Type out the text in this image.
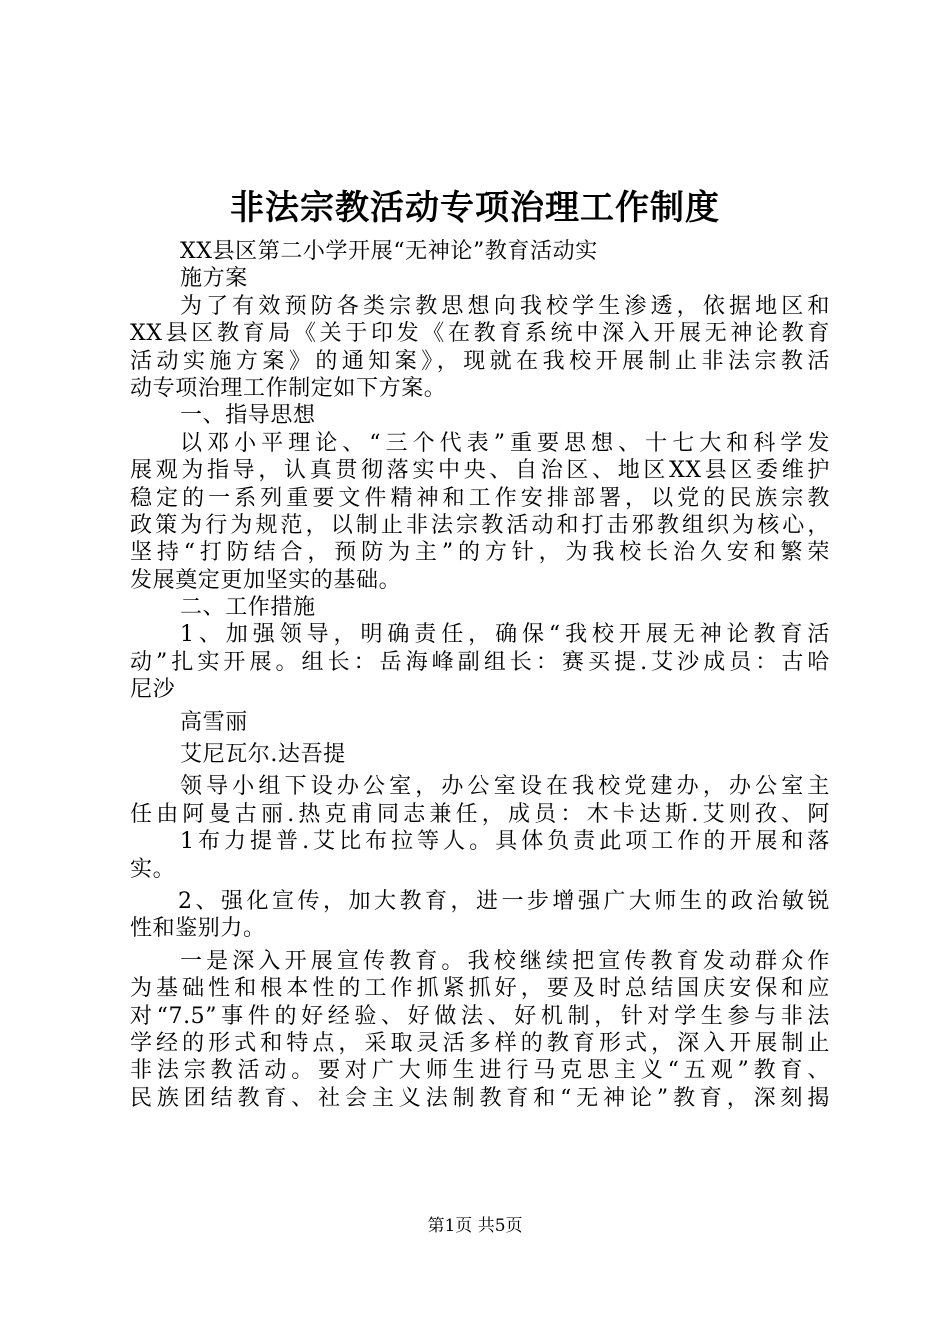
非法宗教活动专项治理工作制度
XX县区第二小学开展“无神论”教育活动实
施方案
为了有效预防各类宗教思想向我校学生渗透，依据地区和
XX县区教育局《关于印发《在教育系统中深入开展无神论教育
活动实施方案》的通知案》，现就在我校开展制止非法宗教活
动专项治理工作制定如下方案。
一、指导思想
以邓小平理论、“三个代表”重要思想、十七大和科学发
展观为指导，认真贯彻落实中央、自治区、地区XX县区委维护
稳定的一系列重要文件精神和工作安排部署，以党的民族宗教
政策为行为规范，以制止非法宗教活动和打击邪教组织为核心，
坚持“打防结合，预防为主”的方针，为我校长治久安和繁荣
发展奠定更加坚实的基础。
二、工作措施
1、加强领导，明确责任，确保“我校开展无神论教育活
动”扎实开展。组长：岳海峰副组长：赛买提.艾沙成员：古哈
尼沙
高雪丽
艾尼瓦尔.达吾提
领导小组下设办公室，办公室设在我校党建办，办公室主
任由阿曼古丽.热克甫同志兼任，成员：木卡达斯.艾则孜、阿
1布力提普.艾比布拉等人。具体负责此项工作的开展和落
实。
2、强化宣传，加大教育，进一步增强广大师生的政治敏锐
性和鉴别力。
一是深入开展宣传教育。我校继续把宣传教育发动群众作
为基础性和根本性的工作抓紧抓好，要及时总结国庆安保和应
对“7.5”事件的好经验、好做法、好机制，针对学生参与非法
学经的形式和特点，采取灵活多样的教育形式，深入开展制止
非法宗教活动。要对广大师生进行马克思主义“五观”教育、
民族团结教育、社会主义法制教育和“无神论”教育，深刻揭
第1页 共5页
